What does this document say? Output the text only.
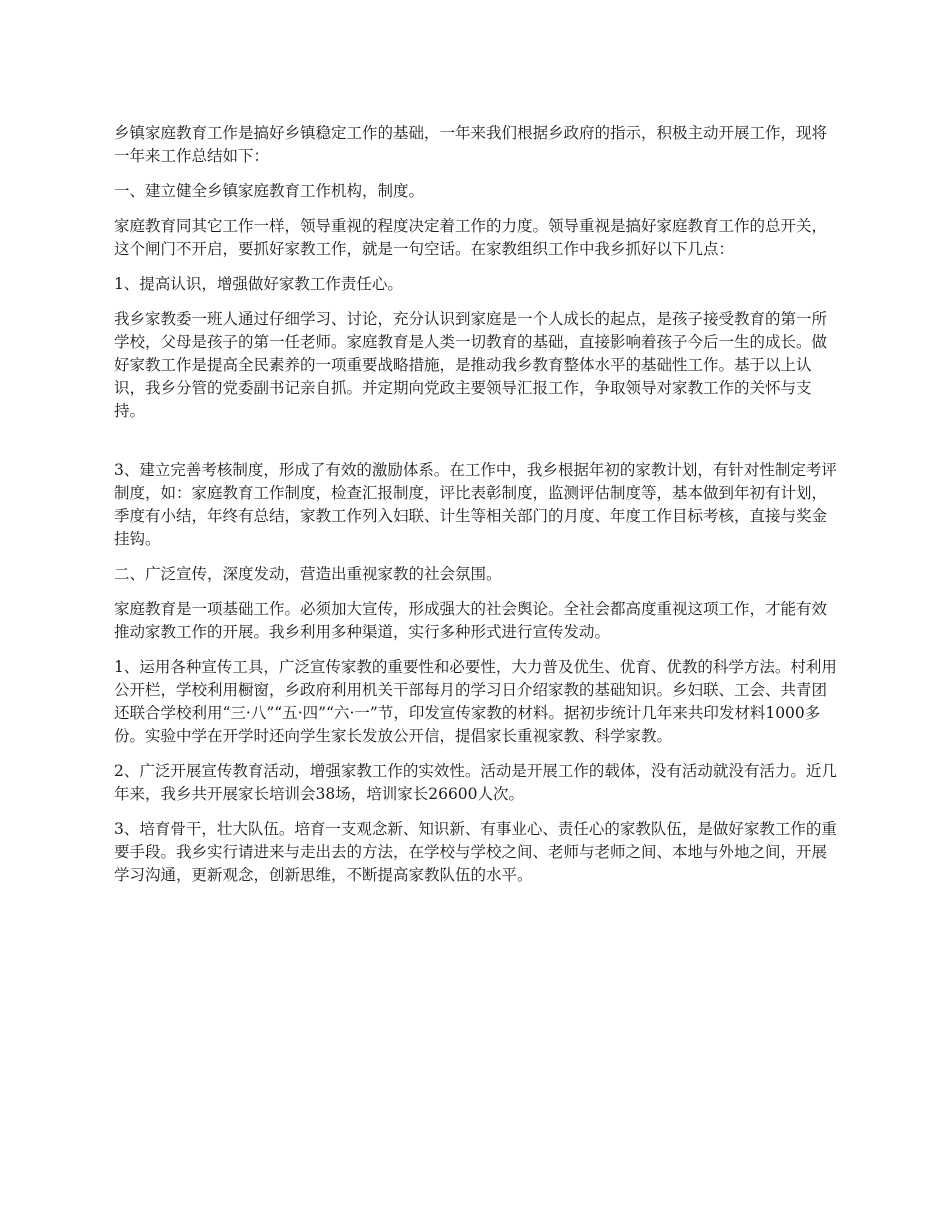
乡镇家庭教育工作是搞好乡镇稳定工作的基础，一年来我们根据乡政府的指示，积极主动开展工作，现将一年来工作总结如下：

一、建立健全乡镇家庭教育工作机构，制度。

家庭教育同其它工作一样，领导重视的程度决定着工作的力度。领导重视是搞好家庭教育工作的总开关，这个闸门不开启，要抓好家教工作，就是一句空话。在家教组织工作中我乡抓好以下几点：

1、提高认识，增强做好家教工作责任心。

我乡家教委一班人通过仔细学习、讨论，充分认识到家庭是一个人成长的起点，是孩子接受教育的第一所学校，父母是孩子的第一任老师。家庭教育是人类一切教育的基础，直接影响着孩子今后一生的成长。做好家教工作是提高全民素养的一项重要战略措施，是推动我乡教育整体水平的基础性工作。基于以上认识，我乡分管的党委副书记亲自抓。并定期向党政主要领导汇报工作，争取领导对家教工作的关怀与支持。

3、建立完善考核制度，形成了有效的激励体系。在工作中，我乡根据年初的家教计划，有针对性制定考评制度，如：家庭教育工作制度，检查汇报制度，评比表彰制度，监测评估制度等，基本做到年初有计划，季度有小结，年终有总结，家教工作列入妇联、计生等相关部门的月度、年度工作目标考核，直接与奖金挂钩。

二、广泛宣传，深度发动，营造出重视家教的社会氛围。

家庭教育是一项基础工作。必须加大宣传，形成强大的社会舆论。全社会都高度重视这项工作，才能有效推动家教工作的开展。我乡利用多种渠道，实行多种形式进行宣传发动。

1、运用各种宣传工具，广泛宣传家教的重要性和必要性，大力普及优生、优育、优教的科学方法。村利用公开栏，学校利用橱窗，乡政府利用机关干部每月的学习日介绍家教的基础知识。乡妇联、工会、共青团还联合学校利用“三·八”“五·四”“六·一”节，印发宣传家教的材料。据初步统计几年来共印发材料1000多份。实验中学在开学时还向学生家长发放公开信，提倡家长重视家教、科学家教。

2、广泛开展宣传教育活动，增强家教工作的实效性。活动是开展工作的载体，没有活动就没有活力。近几年来，我乡共开展家长培训会38场，培训家长26600人次。

3、培育骨干，壮大队伍。培育一支观念新、知识新、有事业心、责任心的家教队伍，是做好家教工作的重要手段。我乡实行请进来与走出去的方法，在学校与学校之间、老师与老师之间、本地与外地之间，开展学习沟通，更新观念，创新思维，不断提高家教队伍的水平。
